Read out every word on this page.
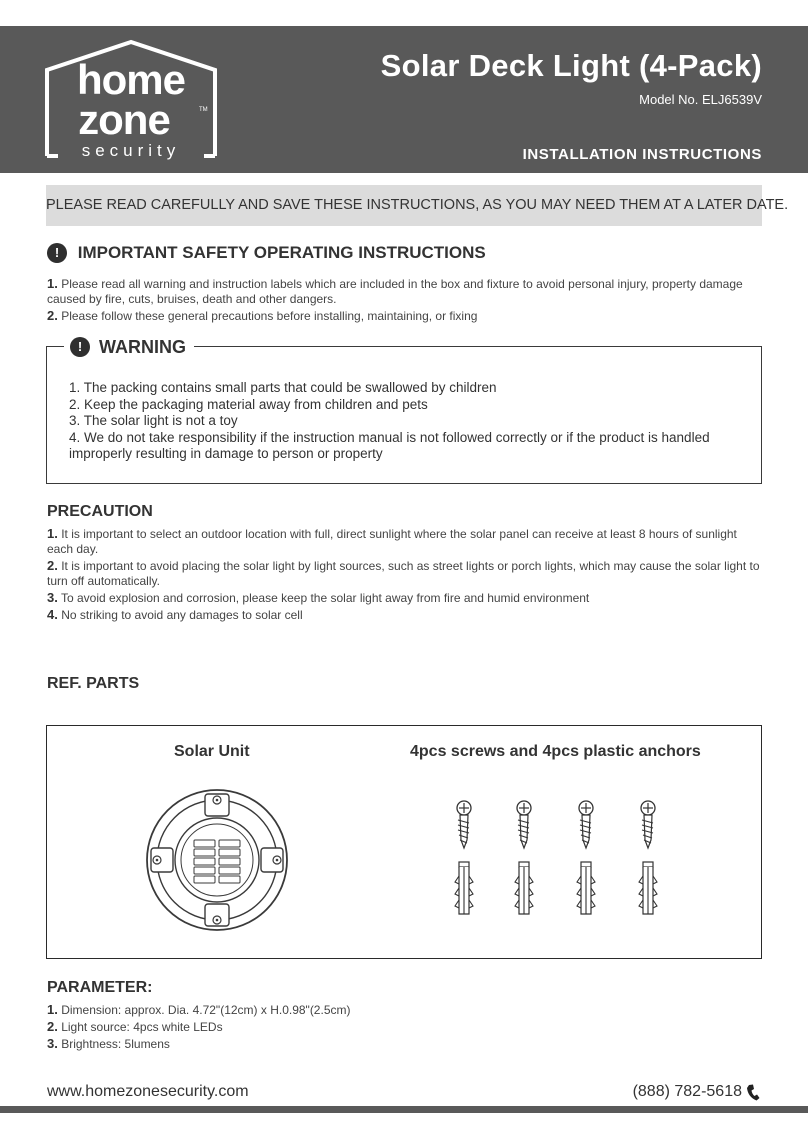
home
zone	TM
security
Solar Deck Light (4-Pack)
Model No. ELJ6539V
INSTALLATION INSTRUCTIONS
PLEASE READ CAREFULLY AND SAVE THESE INSTRUCTIONS, AS YOU MAY NEED THEM AT A LATER DATE.
! IMPORTANT SAFETY OPERATING INSTRUCTIONS

1. Please read all warning and instruction labels which are included in the box and fixture to avoid personal injury, property damage caused by fire, cuts, bruises, death and other dangers.

2. Please follow these general precautions before installing, maintaining, or fixing

! WARNING

1. The packing contains small parts that could be swallowed by children

2. Keep the packaging material away from children and pets

3. The solar light is not a toy

4. We do not take responsibility if the instruction manual is not followed correctly or if the product is handled improperly resulting in damage to person or property

PRECAUTION

1. It is important to select an outdoor location with full, direct sunlight where the solar panel can receive at least 8 hours of sunlight each day.

2. It is important to avoid placing the solar light by light sources, such as street lights or porch lights, which may cause the solar light to turn off automatically.

3. To avoid explosion and corrosion, please keep the solar light away from fire and humid environment

4. No striking to avoid any damages to solar cell

REF. PARTS
Solar Unit	4pcs screws and 4pcs plastic anchors
PARAMETER:

1. Dimension: approx. Dia. 4.72"(12cm) x H.0.98"(2.5cm)

2. Light source: 4pcs white LEDs

3. Brightness: 5lumens

www.homezonesecurity.com	(888) 782-5618
